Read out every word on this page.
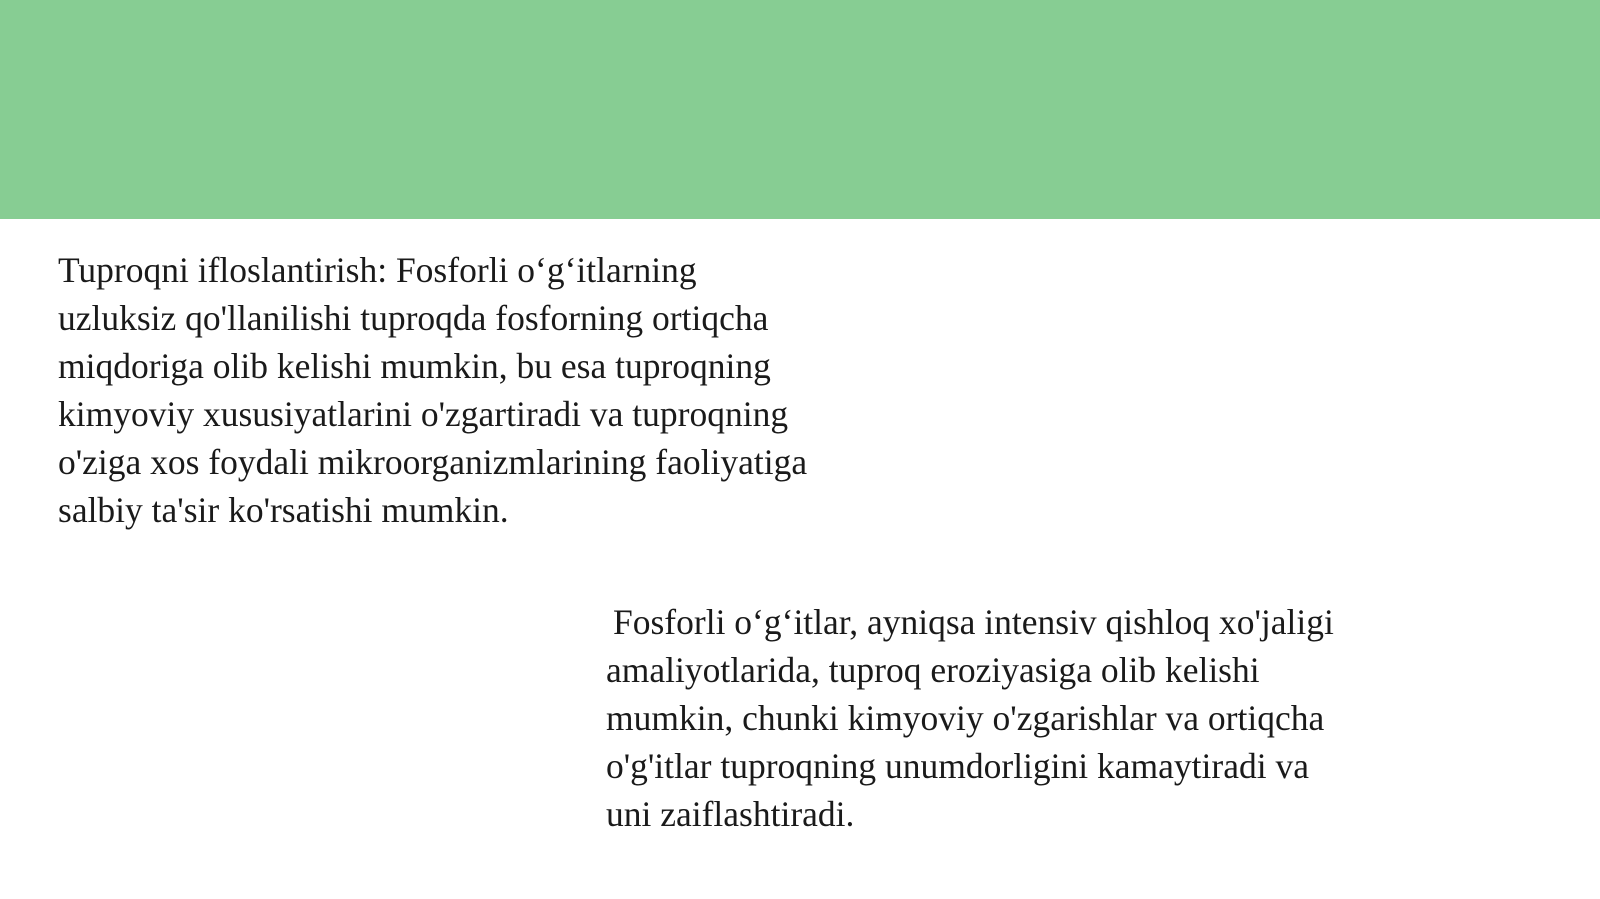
Tuproqni ifloslantirish: Fosforli o‘g‘itlarning
uzluksiz qo'llanilishi tuproqda fosforning ortiqcha
miqdoriga olib kelishi mumkin, bu esa tuproqning
kimyoviy xususiyatlarini o'zgartiradi va tuproqning
o'ziga xos foydali mikroorganizmlarining faoliyatiga
salbiy ta'sir ko'rsatishi mumkin.

Fosforli o‘g‘itlar, ayniqsa intensiv qishloq xo'jaligi
amaliyotlarida, tuproq eroziyasiga olib kelishi
mumkin, chunki kimyoviy o'zgarishlar va ortiqcha
o'g'itlar tuproqning unumdorligini kamaytiradi va
uni zaiflashtiradi.
